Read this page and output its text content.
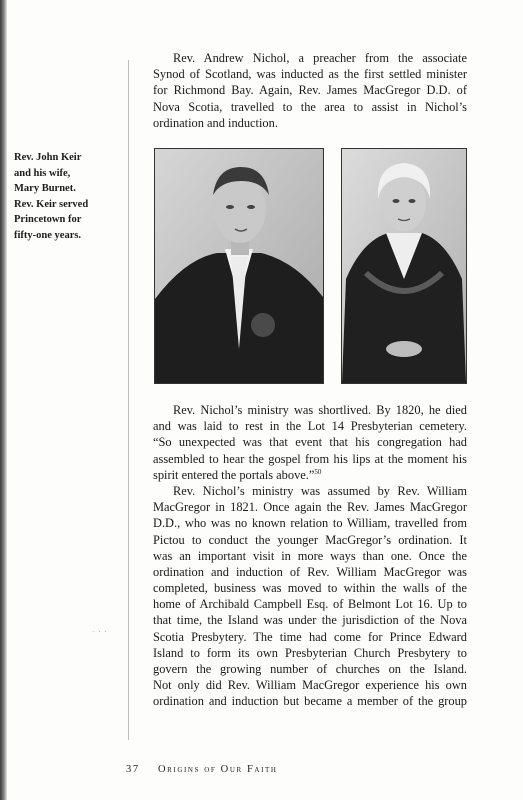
Rev. John Keir
and his wife,
Mary Burnet.
Rev. Keir served
Princetown for
fifty-one years.
· · ·
Rev. Andrew Nichol, a preacher from the associate
Synod of Scotland, was inducted as the first settled minister
for Richmond Bay. Again, Rev. James MacGregor D.D. of
Nova Scotia, travelled to the area to assist in Nichol’s
ordination and induction.
Rev. Nichol’s ministry was shortlived. By 1820, he died
and was laid to rest in the Lot 14 Presbyterian cemetery.
“So unexpected was that event that his congregation had
assembled to hear the gospel from his lips at the moment his
spirit entered the portals above.”$^{50}$
Rev. Nichol’s ministry was assumed by Rev. William
MacGregor in 1821. Once again the Rev. James MacGregor
D.D., who was no known relation to William, travelled from
Pictou to conduct the younger MacGregor’s ordination. It
was an important visit in more ways than one. Once the
ordination and induction of Rev. William MacGregor was
completed, business was moved to within the walls of the
home of Archibald Campbell Esq. of Belmont Lot 16. Up to
that time, the Island was under the jurisdiction of the Nova
Scotia Presbytery. The time had come for Prince Edward
Island to form its own Presbyterian Church Presbytery to
govern the growing number of churches on the Island.
Not only did Rev. William MacGregor experience his own
ordination and induction but became a member of the group
37 Origins of Our Faith
